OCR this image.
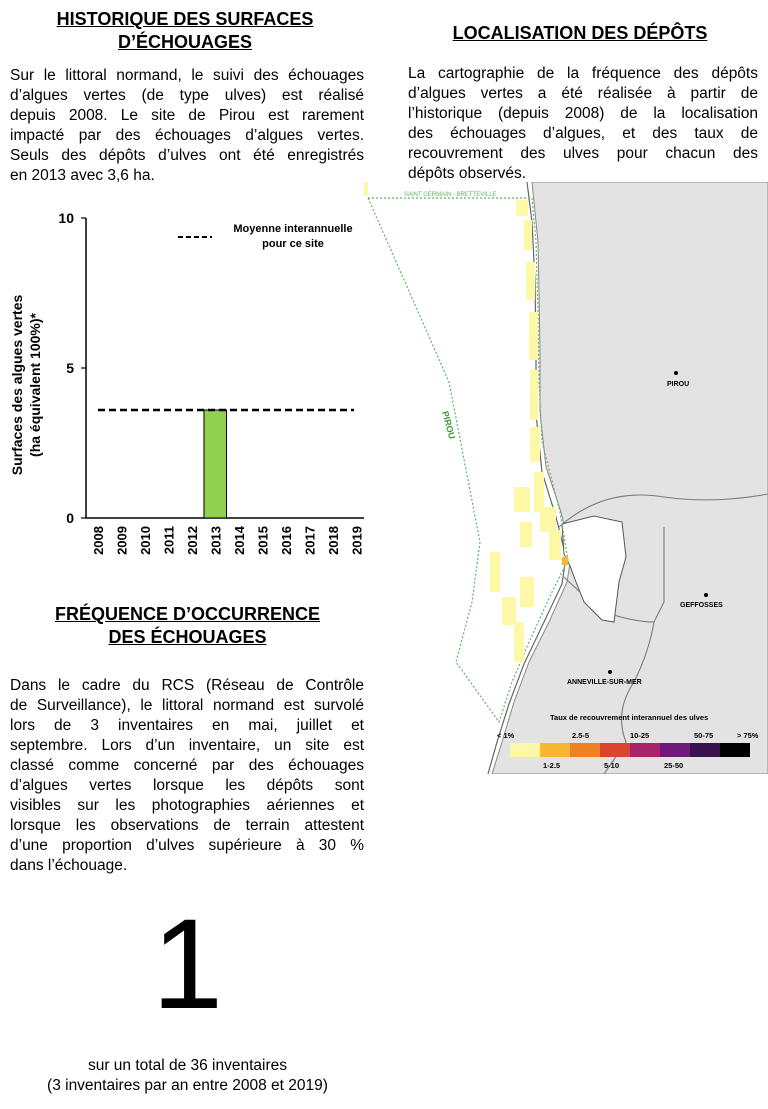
HISTORIQUE DES SURFACES
D’ÉCHOUAGES
Sur le littoral normand, le suivi des échouages
d’algues vertes (de type ulves) est réalisé
depuis 2008. Le site de Pirou est rarement
impacté par des échouages d’algues vertes.
Seuls des dépôts d’ulves ont été enregistrés
en 2013 avec 3,6 ha.
0
5
10
2008 2009 2010 2011 2012 2013 2014 2015 2016 2017 2018 2019
Moyenne interannuelle
pour ce site
Surfaces des algues vertes (ha équivalent 100%)*
FRÉQUENCE D’OCCURRENCE
DES ÉCHOUAGES
Dans le cadre du RCS (Réseau de Contrôle
de Surveillance), le littoral normand est survolé
lors de 3 inventaires en mai, juillet et
septembre. Lors d’un inventaire, un site est
classé comme concerné par des échouages
d’algues vertes lorsque les dépôts sont
visibles sur les photographies aériennes et
lorsque les observations de terrain attestent
d’une proportion d’ulves supérieure à 30 %
dans l’échouage.
1
sur un total de 36 inventaires
(3 inventaires par an entre 2008 et 2019)
LOCALISATION DES DÉPÔTS
La cartographie de la fréquence des dépôts
d’algues vertes a été réalisée à partir de
l’historique (depuis 2008) de la localisation
des échouages d’algues, et des taux de
recouvrement des ulves pour chacun des
dépôts observés.
SAINT GERMAIN - BRETTEVILLE
PIROU
PIROU
GEFFOSSES
ANNEVILLE-SUR-MER
Taux de recouvrement interannuel des ulves
< 1%	2.5-5	10-25	50-75	> 75%
1-2.5	5-10	25-50
